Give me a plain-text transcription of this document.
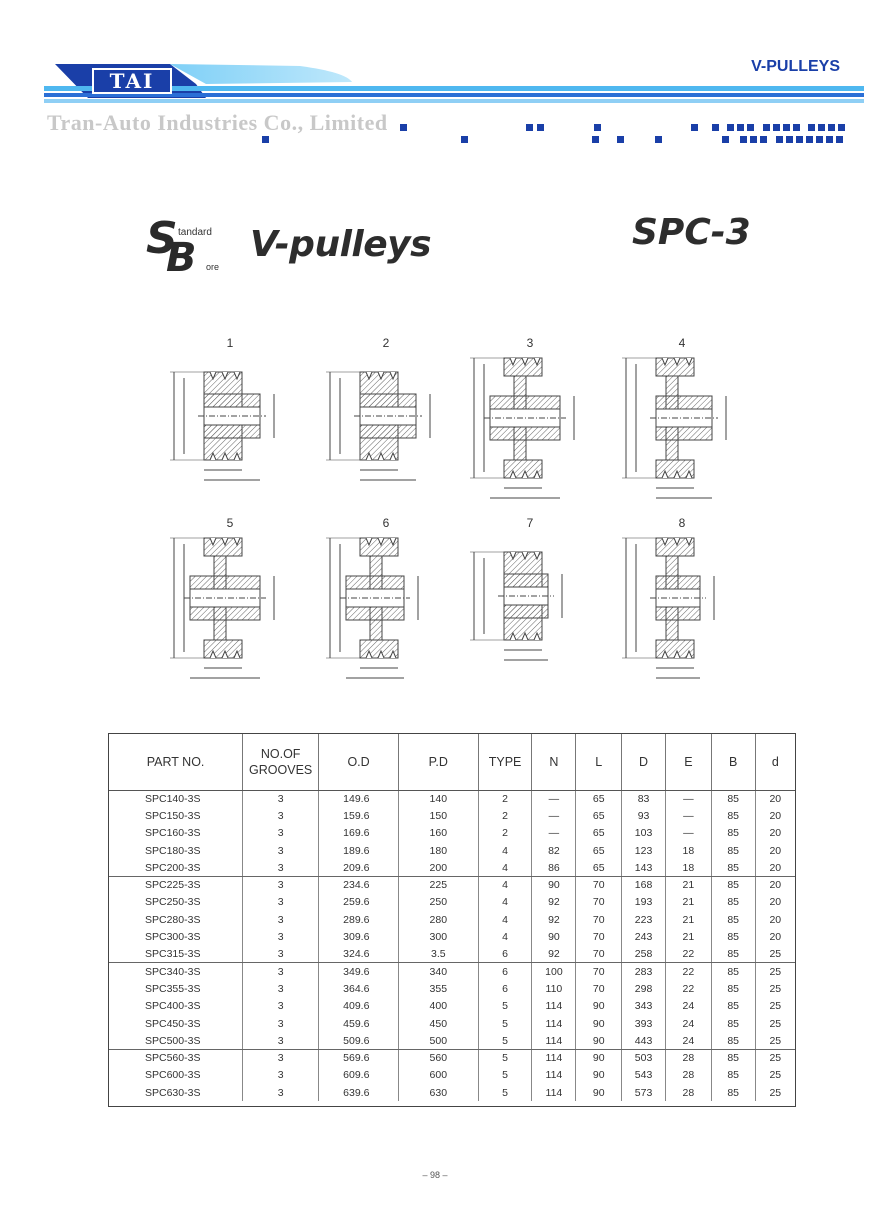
TAI
V-PULLEYS
Tran-Auto Industries Co., Limited
S
B
tandard
ore
V-pulleys	SPC-3
1	2	3	4
5	6	7	8
PART NO.	NO.OF GROOVES	O.D	P.D	TYPE	N	L	D	E	B	d
SPC140-3S	3	149.6	140	2	—	65	83	—	85	20
SPC150-3S	3	159.6	150	2	—	65	93	—	85	20
SPC160-3S	3	169.6	160	2	—	65	103	—	85	20
SPC180-3S	3	189.6	180	4	82	65	123	18	85	20
SPC200-3S	3	209.6	200	4	86	65	143	18	85	20
SPC225-3S	3	234.6	225	4	90	70	168	21	85	20
SPC250-3S	3	259.6	250	4	92	70	193	21	85	20
SPC280-3S	3	289.6	280	4	92	70	223	21	85	20
SPC300-3S	3	309.6	300	4	90	70	243	21	85	20
SPC315-3S	3	324.6	3.5	6	92	70	258	22	85	25
SPC340-3S	3	349.6	340	6	100	70	283	22	85	25
SPC355-3S	3	364.6	355	6	110	70	298	22	85	25
SPC400-3S	3	409.6	400	5	114	90	343	24	85	25
SPC450-3S	3	459.6	450	5	114	90	393	24	85	25
SPC500-3S	3	509.6	500	5	114	90	443	24	85	25
SPC560-3S	3	569.6	560	5	114	90	503	28	85	25
SPC600-3S	3	609.6	600	5	114	90	543	28	85	25
SPC630-3S	3	639.6	630	5	114	90	573	28	85	25
– 98 –
